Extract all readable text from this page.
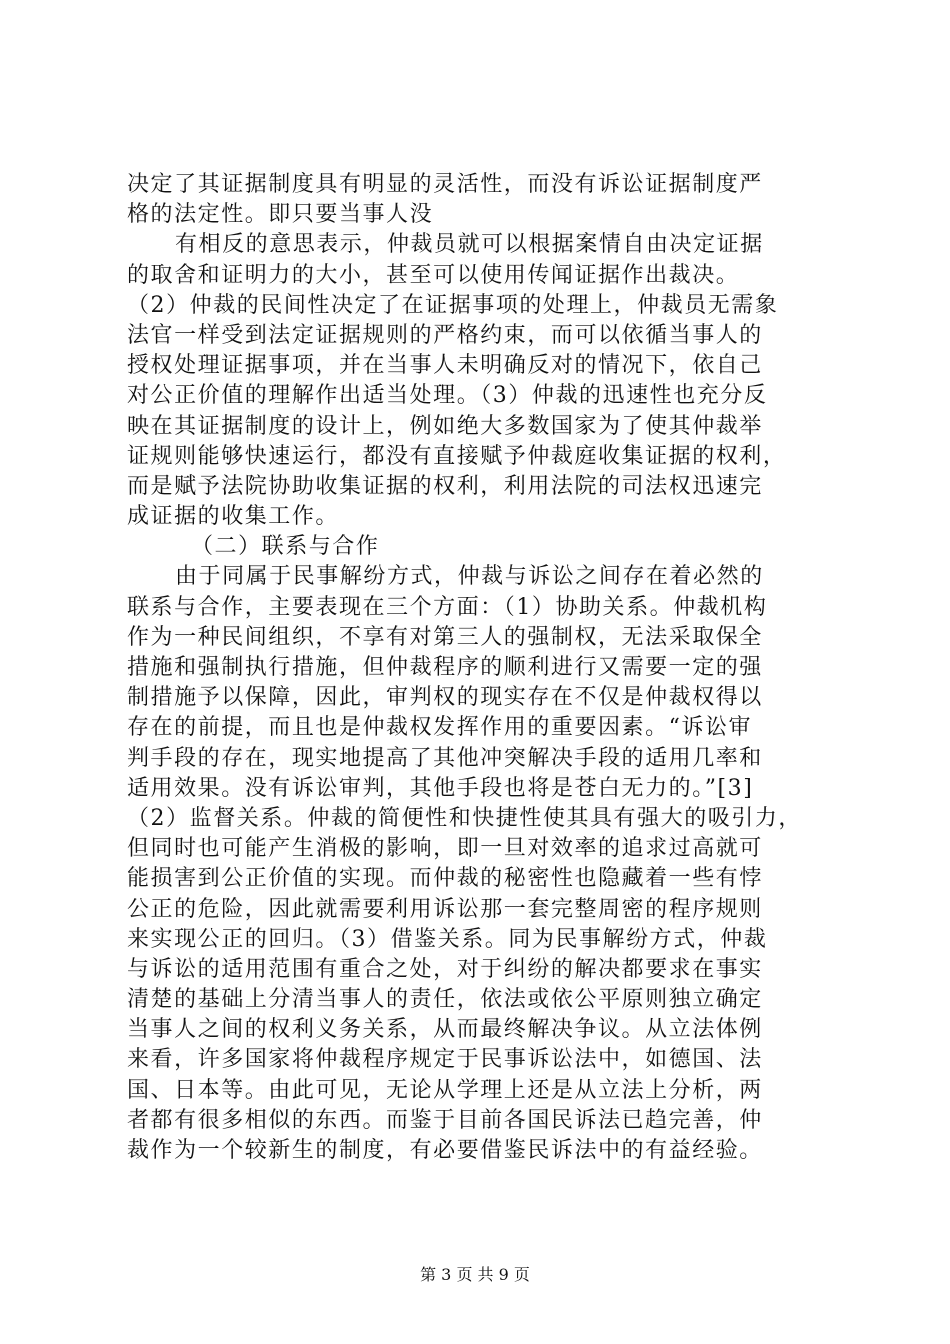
决定了其证据制度具有明显的灵活性，而没有诉讼证据制度严
格的法定性。即只要当事人没
有相反的意思表示，仲裁员就可以根据案情自由决定证据
的取舍和证明力的大小，甚至可以使用传闻证据作出裁决。
（2）仲裁的民间性决定了在证据事项的处理上，仲裁员无需象
法官一样受到法定证据规则的严格约束，而可以依循当事人的
授权处理证据事项，并在当事人未明确反对的情况下，依自己
对公正价值的理解作出适当处理。（3）仲裁的迅速性也充分反
映在其证据制度的设计上，例如绝大多数国家为了使其仲裁举
证规则能够快速运行，都没有直接赋予仲裁庭收集证据的权利，
而是赋予法院协助收集证据的权利，利用法院的司法权迅速完
成证据的收集工作。
（二）联系与合作
由于同属于民事解纷方式，仲裁与诉讼之间存在着必然的
联系与合作，主要表现在三个方面：（1）协助关系。仲裁机构
作为一种民间组织，不享有对第三人的强制权，无法采取保全
措施和强制执行措施，但仲裁程序的顺利进行又需要一定的强
制措施予以保障，因此，审判权的现实存在不仅是仲裁权得以
存在的前提，而且也是仲裁权发挥作用的重要因素。“诉讼审
判手段的存在，现实地提高了其他冲突解决手段的适用几率和
适用效果。没有诉讼审判，其他手段也将是苍白无力的。”[3]
（2）监督关系。仲裁的简便性和快捷性使其具有强大的吸引力，
但同时也可能产生消极的影响，即一旦对效率的追求过高就可
能损害到公正价值的实现。而仲裁的秘密性也隐藏着一些有悖
公正的危险，因此就需要利用诉讼那一套完整周密的程序规则
来实现公正的回归。（3）借鉴关系。同为民事解纷方式，仲裁
与诉讼的适用范围有重合之处，对于纠纷的解决都要求在事实
清楚的基础上分清当事人的责任，依法或依公平原则独立确定
当事人之间的权利义务关系，从而最终解决争议。从立法体例
来看，许多国家将仲裁程序规定于民事诉讼法中，如德国、法
国、日本等。由此可见，无论从学理上还是从立法上分析，两
者都有很多相似的东西。而鉴于目前各国民诉法已趋完善，仲
裁作为一个较新生的制度，有必要借鉴民诉法中的有益经验。
第 3 页 共 9 页
